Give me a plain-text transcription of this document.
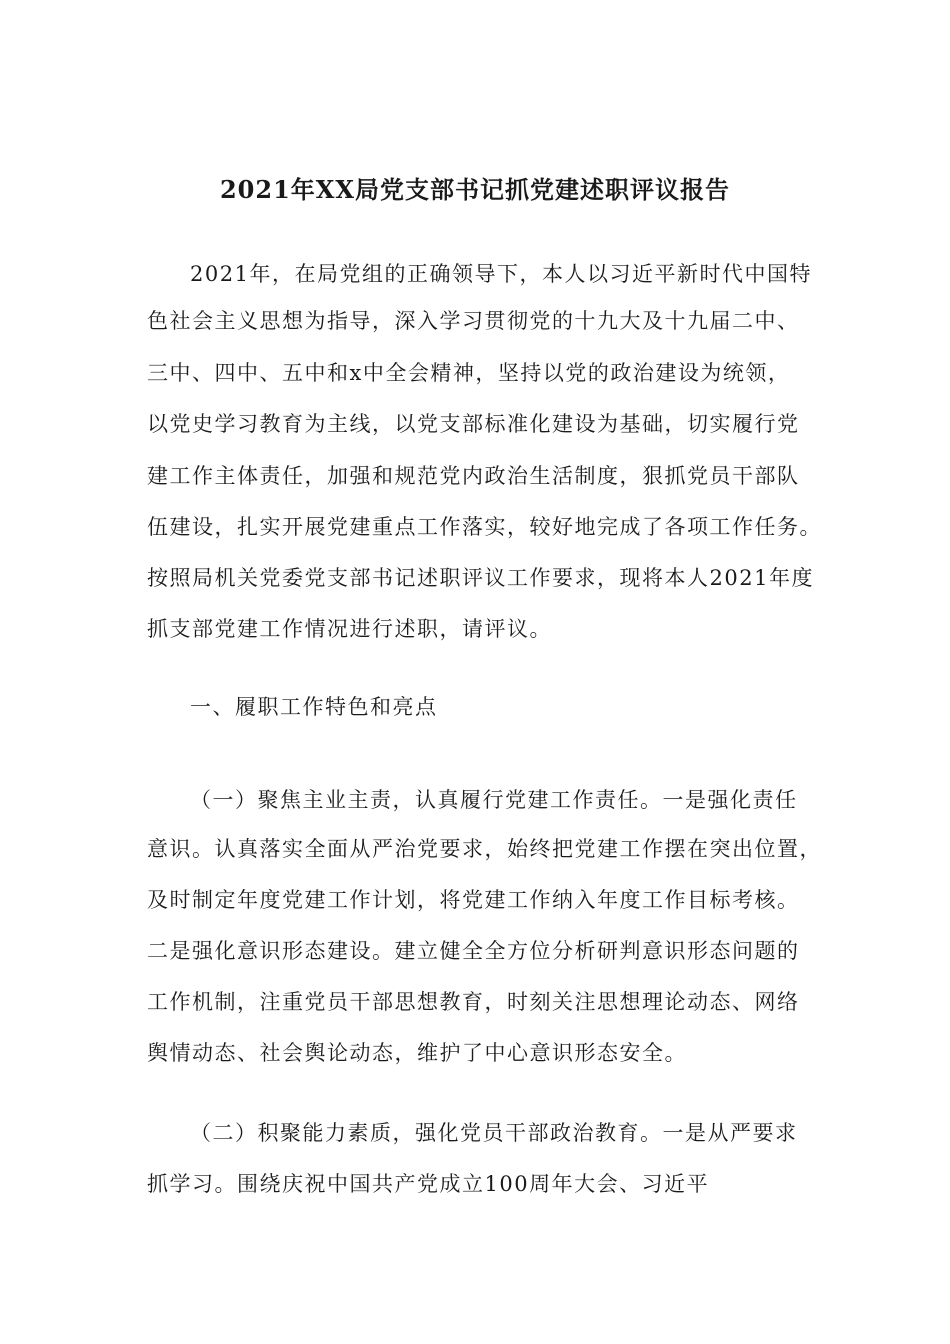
2021年XX局党支部书记抓党建述职评议报告

2021年，在局党组的正确领导下，本人以习近平新时代中国特

色社会主义思想为指导，深入学习贯彻党的十九大及十九届二中、

三中、四中、五中和x中全会精神，坚持以党的政治建设为统领，

以党史学习教育为主线，以党支部标准化建设为基础，切实履行党

建工作主体责任，加强和规范党内政治生活制度，狠抓党员干部队

伍建设，扎实开展党建重点工作落实，较好地完成了各项工作任务。

按照局机关党委党支部书记述职评议工作要求，现将本人2021年度

抓支部党建工作情况进行述职，请评议。

一、履职工作特色和亮点

（一）聚焦主业主责，认真履行党建工作责任。一是强化责任

意识。认真落实全面从严治党要求，始终把党建工作摆在突出位置，

及时制定年度党建工作计划，将党建工作纳入年度工作目标考核。

二是强化意识形态建设。建立健全全方位分析研判意识形态问题的

工作机制，注重党员干部思想教育，时刻关注思想理论动态、网络

舆情动态、社会舆论动态，维护了中心意识形态安全。

（二）积聚能力素质，强化党员干部政治教育。一是从严要求

抓学习。围绕庆祝中国共产党成立100周年大会、习近平
